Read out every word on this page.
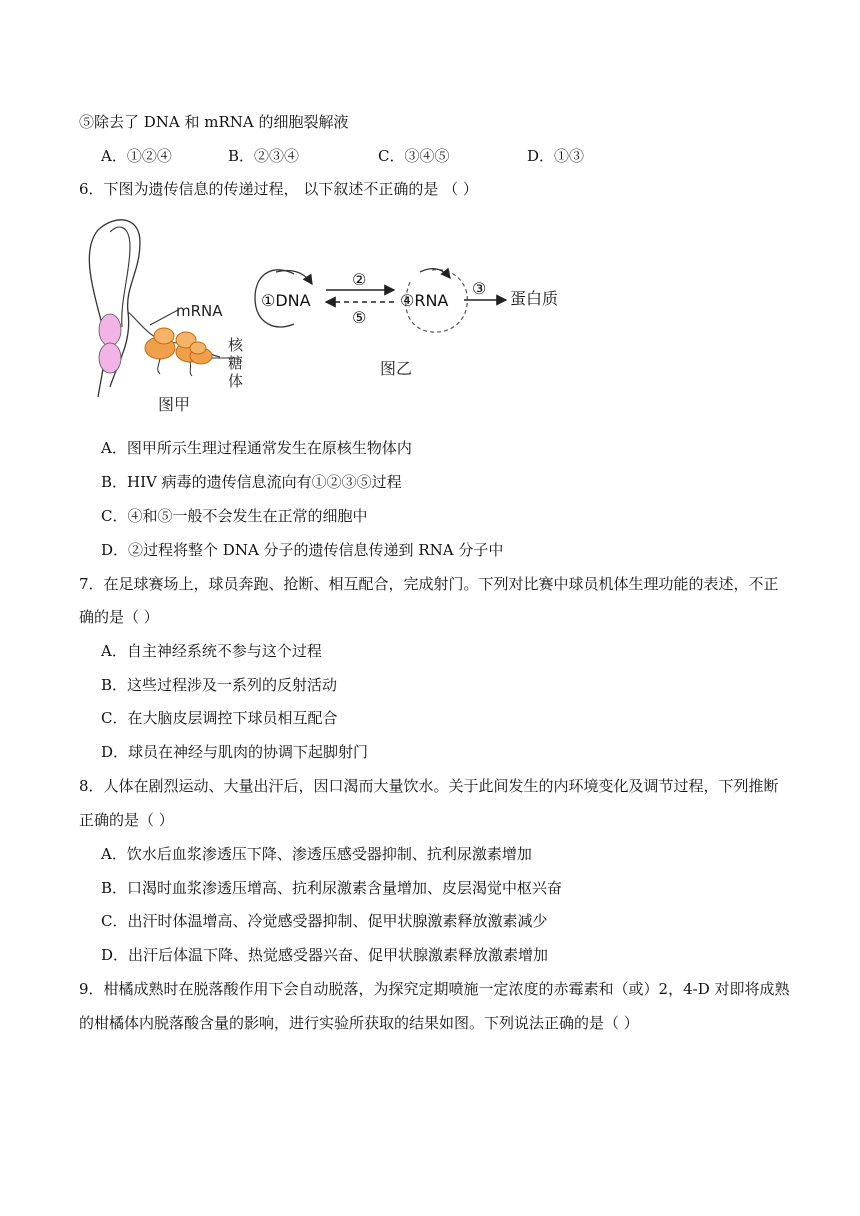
⑤除去了 DNA 和 mRNA 的细胞裂解液
A．①②④	B．②③④	C．③④⑤	D．①③
6．下图为遗传信息的传递过程， 以下叙述不正确的是 （ ）
mRNA
核
糖
体
图甲
①DNA
②
⑤
④RNA
③
蛋白质
图乙
A．图甲所示生理过程通常发生在原核生物体内
B．HIV 病毒的遗传信息流向有①②③⑤过程
C．④和⑤一般不会发生在正常的细胞中
D．②过程将整个 DNA 分子的遗传信息传递到 RNA 分子中
7．在足球赛场上，球员奔跑、抢断、相互配合，完成射门。下列对比赛中球员机体生理功能的表述，不正
确的是（ ）
A．自主神经系统不参与这个过程
B．这些过程涉及一系列的反射活动
C．在大脑皮层调控下球员相互配合
D．球员在神经与肌肉的协调下起脚射门
8．人体在剧烈运动、大量出汗后，因口渴而大量饮水。关于此间发生的内环境变化及调节过程，下列推断
正确的是（ ）
A．饮水后血浆渗透压下降、渗透压感受器抑制、抗利尿激素增加
B．口渴时血浆渗透压增高、抗利尿激素含量增加、皮层渴觉中枢兴奋
C．出汗时体温增高、冷觉感受器抑制、促甲状腺激素释放激素减少
D．出汗后体温下降、热觉感受器兴奋、促甲状腺激素释放激素增加
9．柑橘成熟时在脱落酸作用下会自动脱落，为探究定期喷施一定浓度的赤霉素和（或）2，4-D 对即将成熟
的柑橘体内脱落酸含量的影响，进行实验所获取的结果如图。下列说法正确的是（ ）
